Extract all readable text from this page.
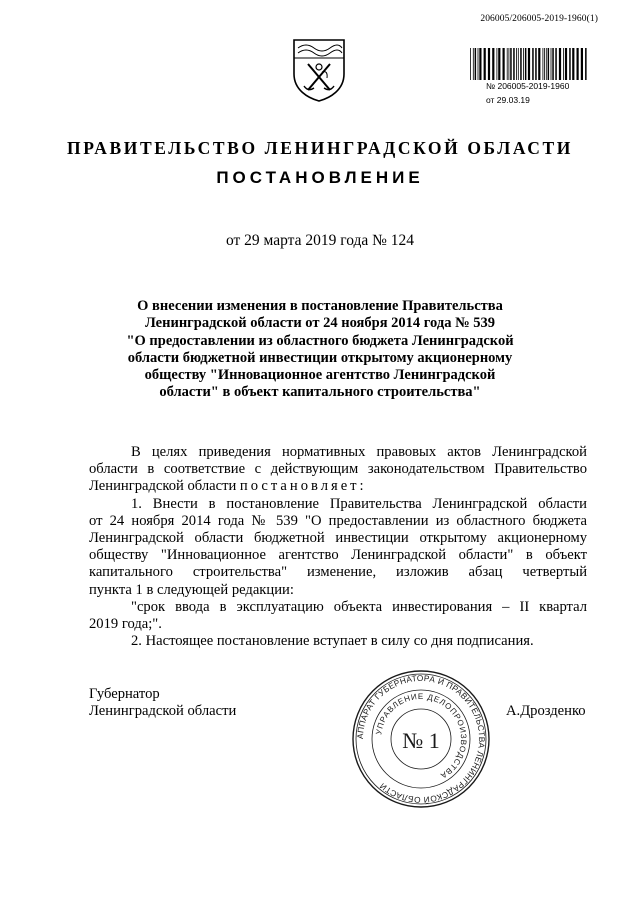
206005/206005-2019-1960(1)
№ 206005-2019-1960
от 29.03.19
ПРАВИТЕЛЬСТВО ЛЕНИНГРАДСКОЙ ОБЛАСТИ
ПОСТАНОВЛЕНИЕ
от 29 марта 2019 года № 124
О внесении изменения в постановление Правительства
Ленинградской области от 24 ноября 2014 года № 539
"О предоставлении из областного бюджета Ленинградской
области бюджетной инвестиции открытому акционерному
обществу "Инновационное агентство Ленинградской
области" в объект капитального строительства"
В целях приведения нормативных правовых актов Ленинградской
области в соответствие с действующим законодательством Правительство
Ленинградской области постановляет:
1. Внести в постановление Правительства Ленинградской области
от 24 ноября 2014 года № 539 "О предоставлении из областного бюджета
Ленинградской области бюджетной инвестиции открытому акционерному
обществу "Инновационное агентство Ленинградской области" в объект
капитального строительства" изменение, изложив абзац четвертый
пункта 1 в следующей редакции:
"срок ввода в эксплуатацию объекта инвестирования – II квартал
2019 года;".
2. Настоящее постановление вступает в силу со дня подписания.
Губернатор
Ленинградской области
АППАРАТ ГУБЕРНАТОРА И ПРАВИТЕЛЬСТВА ЛЕНИНГРАДСКОЙ ОБЛАСТИ
УПРАВЛЕНИЕ ДЕЛОПРОИЗВОДСТВА
№ 1
А.Дрозденко
